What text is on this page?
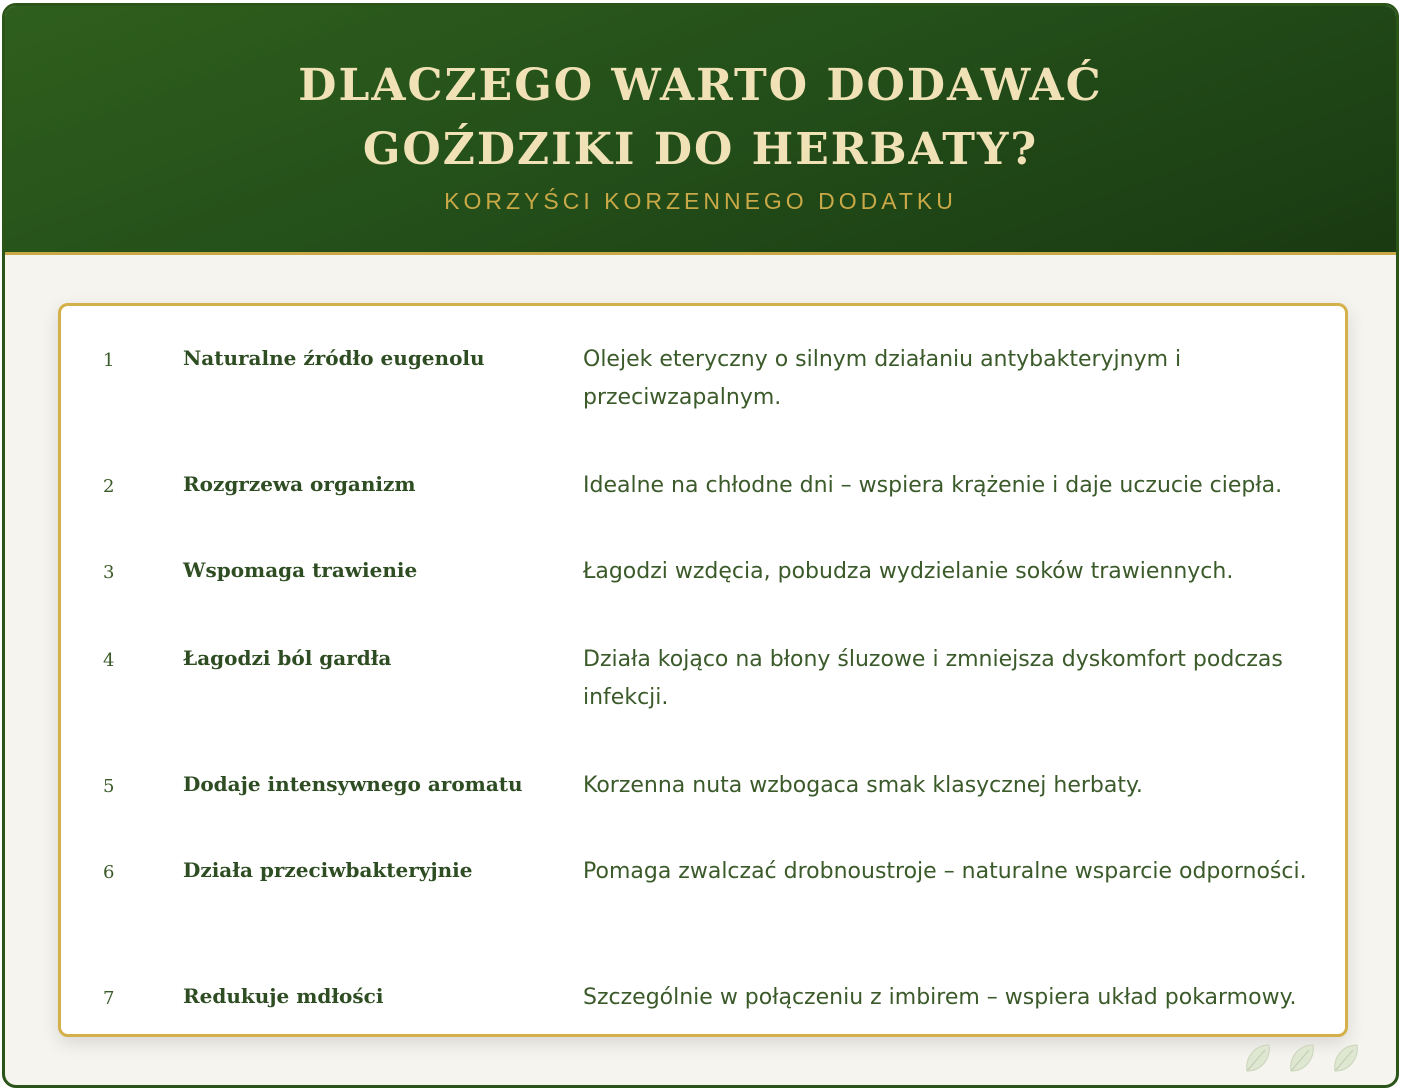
DLACZEGO WARTO DODAWAĆ GOŹDZIKI DO HERBATY?
KORZYŚCI KORZENNEGO DODATKU
1	Naturalne źródło eugenolu	Olejek eteryczny o silnym działaniu antybakteryjnym i przeciwzapalnym.
2	Rozgrzewa organizm	Idealne na chłodne dni – wspiera krążenie i daje uczucie ciepła.
3	Wspomaga trawienie	Łagodzi wzdęcia, pobudza wydzielanie soków trawiennych.
4	Łagodzi ból gardła	Działa kojąco na błony śluzowe i zmniejsza dyskomfort podczas infekcji.
5	Dodaje intensywnego aromatu	Korzenna nuta wzbogaca smak klasycznej herbaty.
6	Działa przeciwbakteryjnie	Pomaga zwalczać drobnoustroje – naturalne wsparcie odporności.
7	Redukuje mdłości	Szczególnie w połączeniu z imbirem – wspiera układ pokarmowy.
